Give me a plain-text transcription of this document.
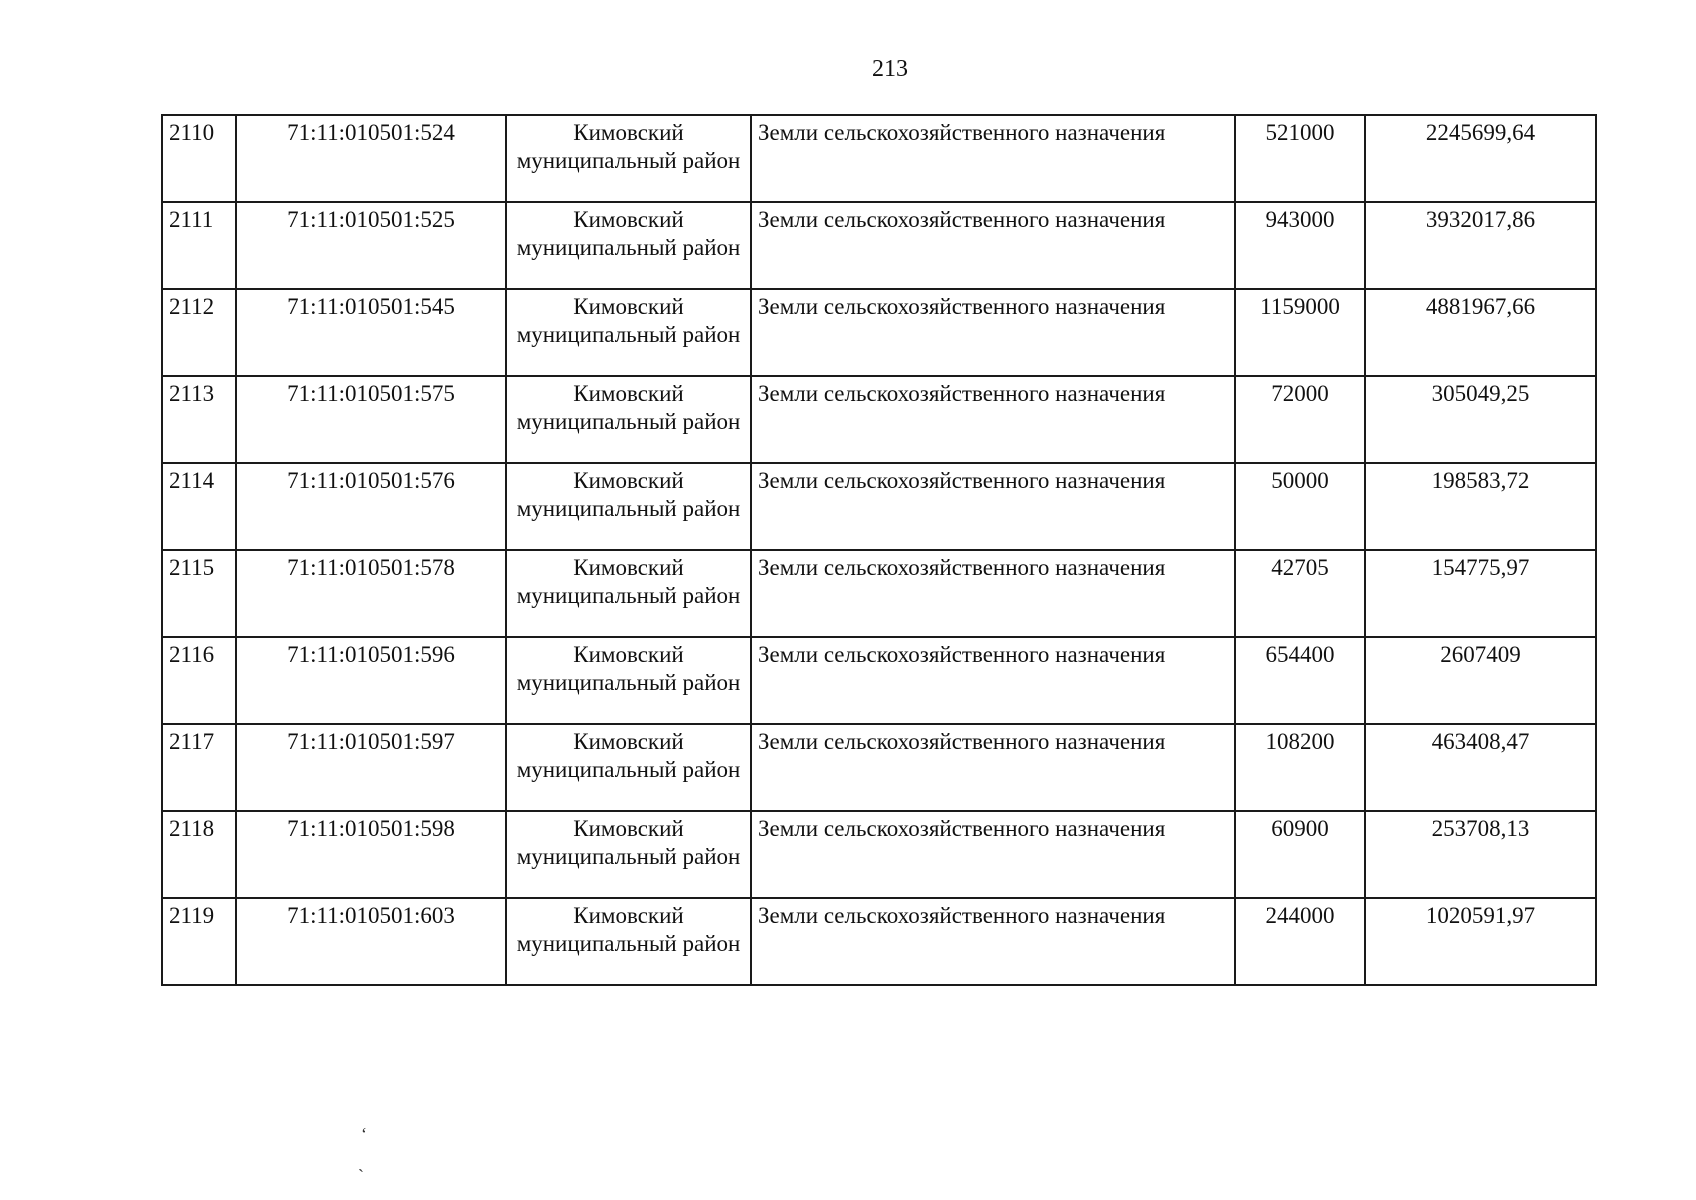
213
2110	71:11:010501:524	Кимовский муниципальный район	Земли сельскохозяйственного назначения	521000	2245699,64
2111	71:11:010501:525	Кимовский муниципальный район	Земли сельскохозяйственного назначения	943000	3932017,86
2112	71:11:010501:545	Кимовский муниципальный район	Земли сельскохозяйственного назначения	1159000	4881967,66
2113	71:11:010501:575	Кимовский муниципальный район	Земли сельскохозяйственного назначения	72000	305049,25
2114	71:11:010501:576	Кимовский муниципальный район	Земли сельскохозяйственного назначения	50000	198583,72
2115	71:11:010501:578	Кимовский муниципальный район	Земли сельскохозяйственного назначения	42705	154775,97
2116	71:11:010501:596	Кимовский муниципальный район	Земли сельскохозяйственного назначения	654400	2607409
2117	71:11:010501:597	Кимовский муниципальный район	Земли сельскохозяйственного назначения	108200	463408,47
2118	71:11:010501:598	Кимовский муниципальный район	Земли сельскохозяйственного назначения	60900	253708,13
2119	71:11:010501:603	Кимовский муниципальный район	Земли сельскохозяйственного назначения	244000	1020591,97
‘
ˎ
